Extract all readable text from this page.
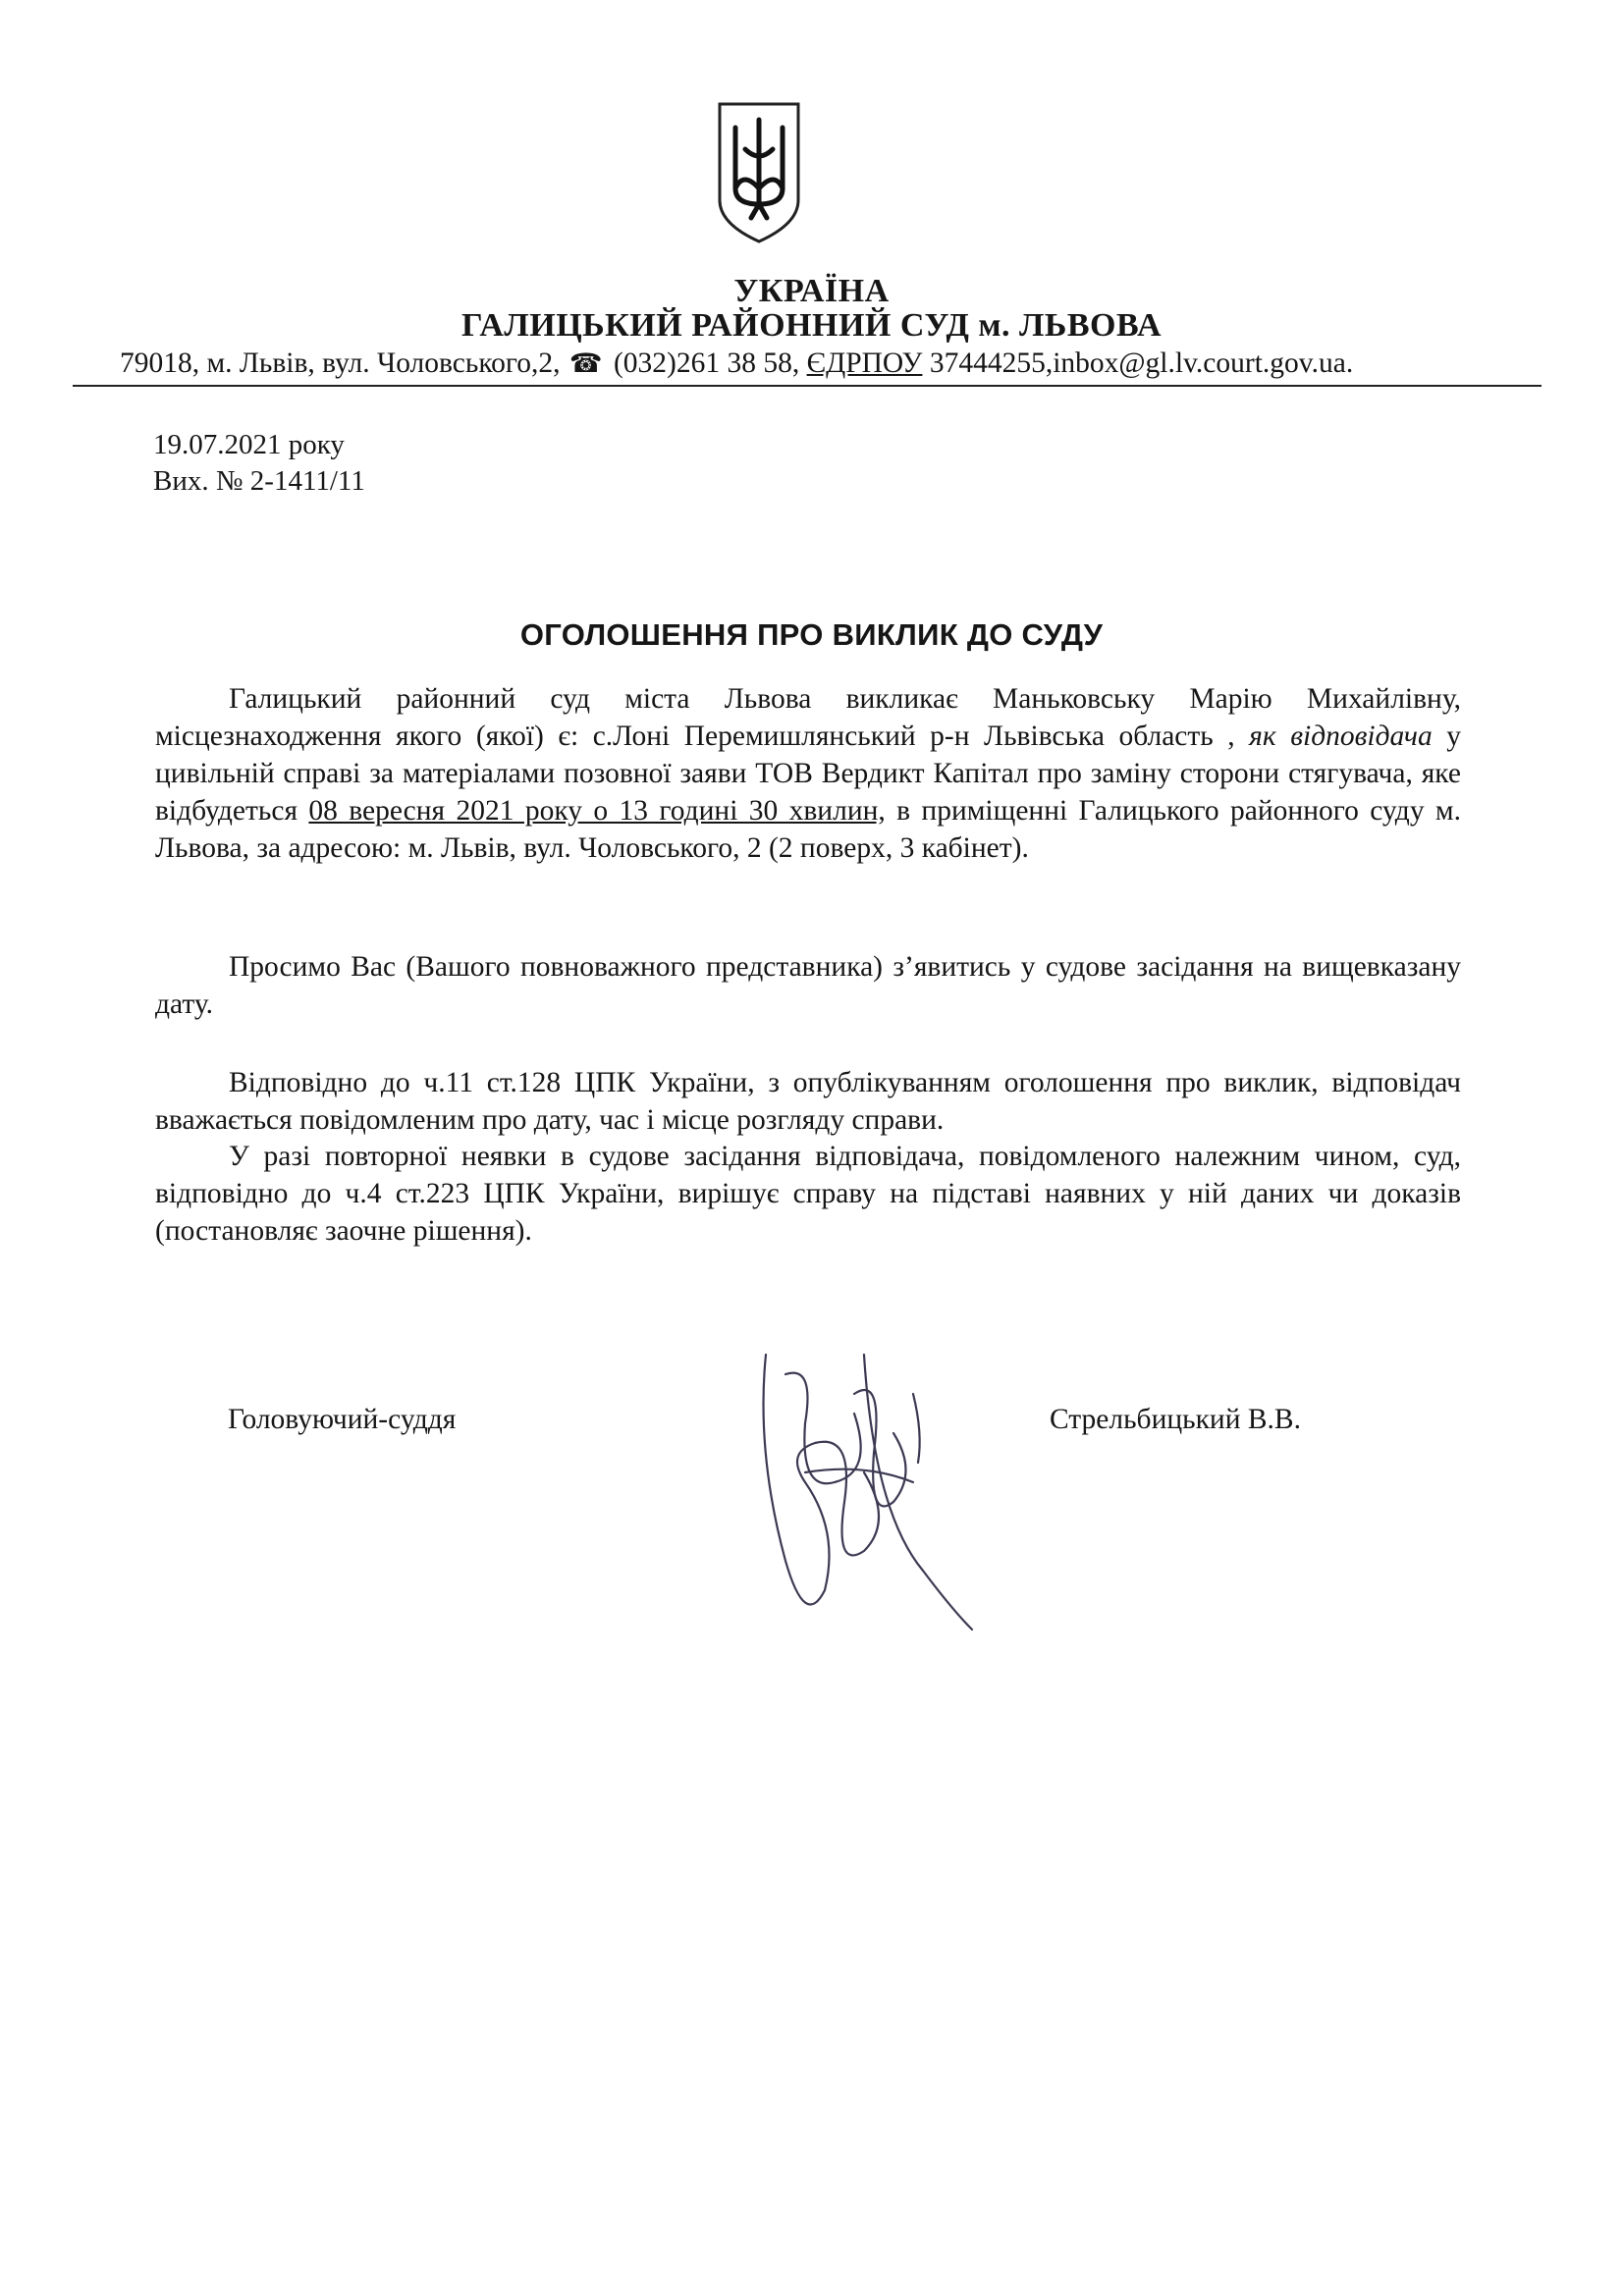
УКРАЇНА
ГАЛИЦЬКИЙ РАЙОННИЙ СУД м. ЛЬВОВА
79018, м. Львів, вул. Чоловського,2, ☎ (032)261 38 58, ЄДРПОУ 37444255,inbox@gl.lv.court.gov.ua.
19.07.2021 року
Вих. № 2-1411/11
ОГОЛОШЕННЯ ПРО ВИКЛИК ДО СУДУ

Галицький районний суд міста Львова викликає Маньковську Марію Михайлівну, місцезнаходження якого (якої) є: с.Лоні Перемишлянський р-н Львівська область , як відповідача у цивільній справі за матеріалами позовної заяви ТОВ Вердикт Капітал про заміну сторони стягувача, яке відбудеться 08 вересня 2021 року о 13 годині 30 хвилин, в приміщенні Галицького районного суду м. Львова, за адресою: м. Львів, вул. Чоловського, 2 (2 поверх, 3 кабінет).

Просимо Вас (Вашого повноважного представника) з’явитись у судове засідання на вищевказану дату.

Відповідно до ч.11 ст.128 ЦПК України, з опублікуванням оголошення про виклик, відповідач вважається повідомленим про дату, час і місце розгляду справи.

У разі повторної неявки в судове засідання відповідача, повідомленого належним чином, суд, відповідно до ч.4 ст.223 ЦПК України, вирішує справу на підставі наявних у ній даних чи доказів (постановляє заочне рішення).

Головуючий-суддя	Стрельбицький В.В.
